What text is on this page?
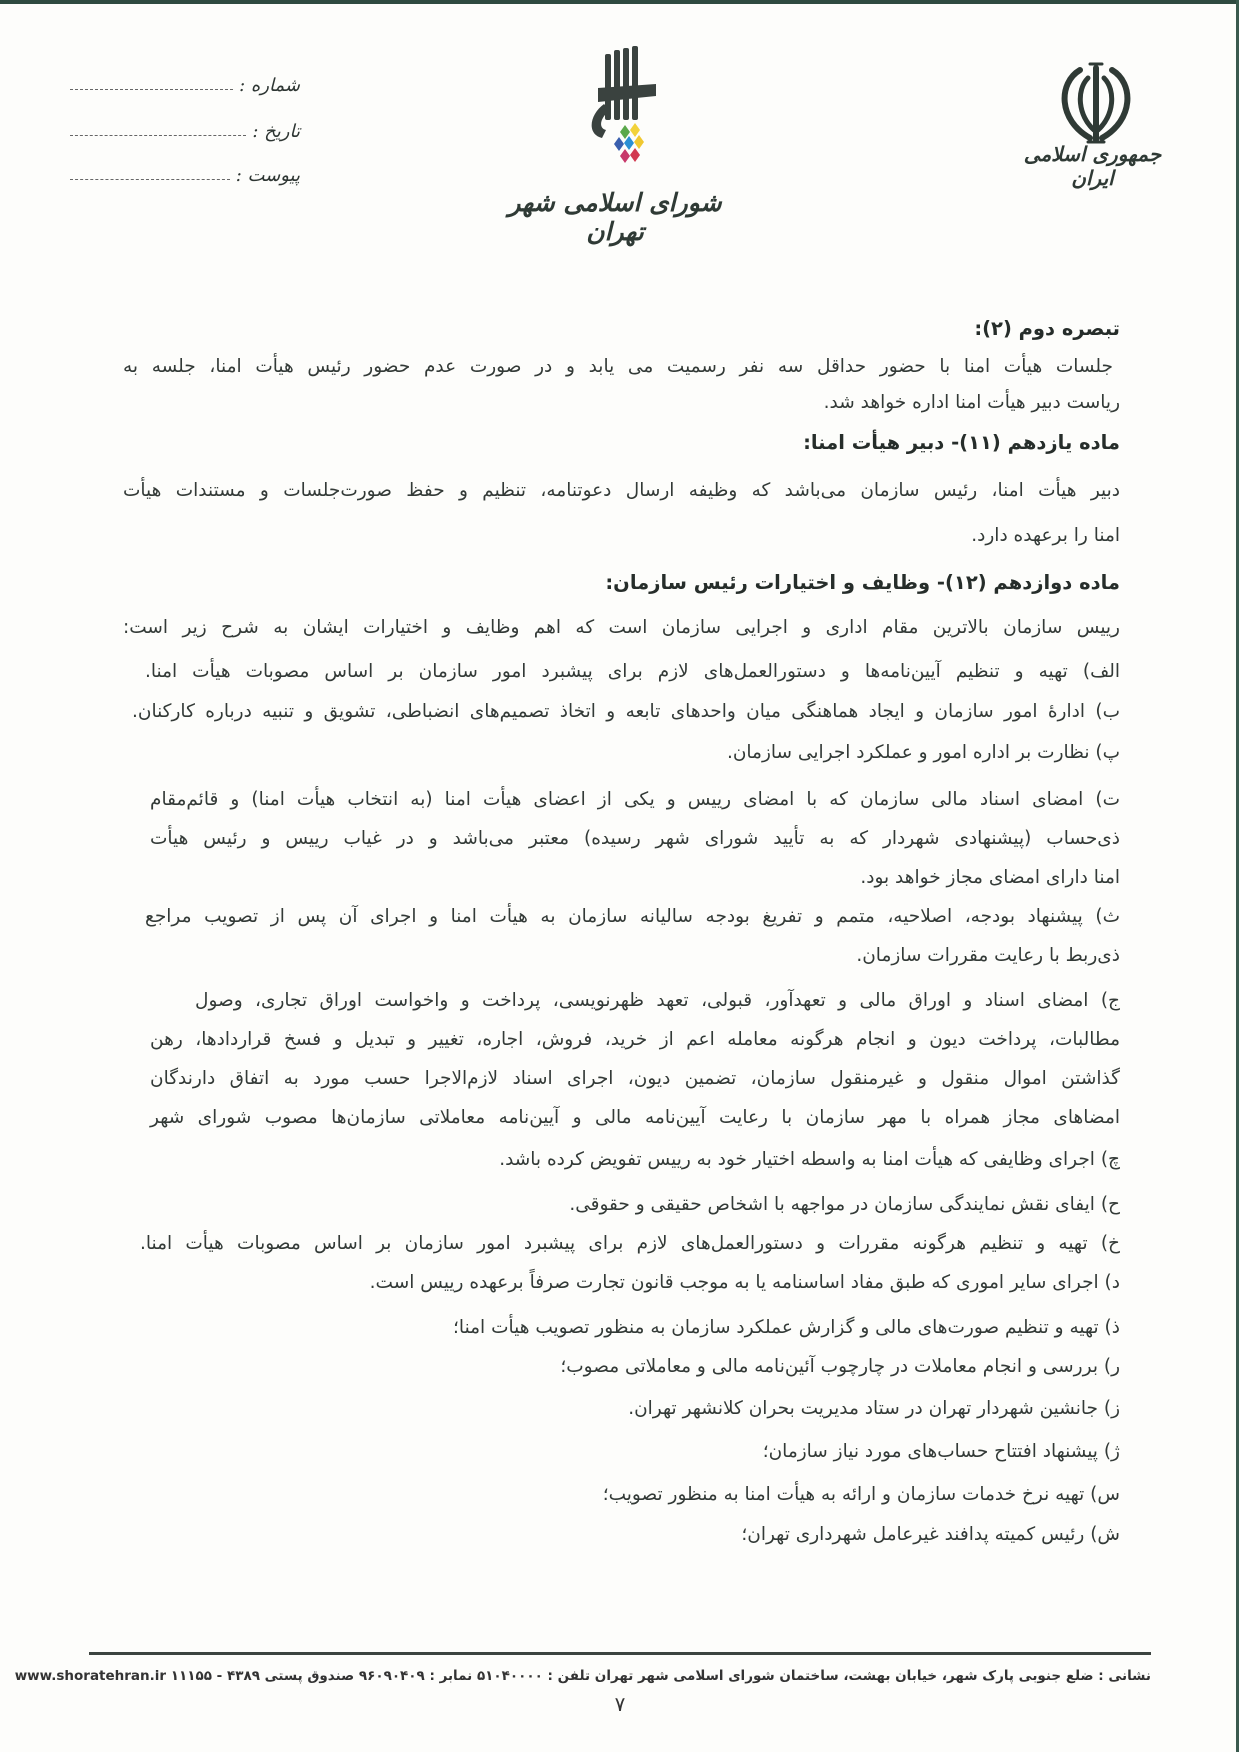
جمهوری اسلامی ایران
شورای اسلامی شهر تهران
شماره :
تاریخ :
پیوست :
تبصره دوم (۲):
جلسات هیأت امنا با حضور حداقل سه نفر رسمیت می یابد و در صورت عدم حضور رئیس هیأت امنا، جلسه به
ریاست دبیر هیأت امنا اداره خواهد شد.
ماده یازدهم (۱۱)- دبیر هیأت امنا:
دبیر هیأت امنا، رئیس سازمان می‌باشد که وظیفه ارسال دعوتنامه، تنظیم و حفظ صورت‌جلسات و مستندات هیأت
امنا را برعهده دارد.
ماده دوازدهم (۱۲)- وظایف و اختیارات رئیس سازمان:
رییس سازمان بالاترین مقام اداری و اجرایی سازمان است که اهم وظایف و اختیارات ایشان به شرح زیر است:
الف) تهیه و تنظیم آیین‌نامه‌ها و دستورالعمل‌های لازم برای پیشبرد امور سازمان بر اساس مصوبات هیأت امنا.
ب) ادارهٔ امور سازمان و ایجاد هماهنگی میان واحدهای تابعه و اتخاذ تصمیم‌های انضباطی، تشویق و تنبیه درباره کارکنان.
پ) نظارت بر اداره امور و عملکرد اجرایی سازمان.
ت) امضای اسناد مالی سازمان که با امضای رییس و یکی از اعضای هیأت امنا (به انتخاب هیأت امنا) و قائم‌مقام
ذی‌حساب (پیشنهادی شهردار که به تأیید شورای شهر رسیده) معتبر می‌باشد و در غیاب رییس و رئیس هیأت
امنا دارای امضای مجاز خواهد بود.
ث) پیشنهاد بودجه، اصلاحیه، متمم و تفریغ بودجه سالیانه سازمان به هیأت امنا و اجرای آن پس از تصویب مراجع
ذی‌ربط با رعایت مقررات سازمان.
ج) امضای اسناد و اوراق مالی و تعهدآور، قبولی، تعهد ظهرنویسی، پرداخت و واخواست اوراق تجاری، وصول
مطالبات، پرداخت دیون و انجام هرگونه معامله اعم از خرید، فروش، اجاره، تغییر و تبدیل و فسخ قراردادها، رهن
گذاشتن اموال منقول و غیرمنقول سازمان، تضمین دیون، اجرای اسناد لازم‌الاجرا حسب مورد به اتفاق دارندگان
امضاهای مجاز همراه با مهر سازمان با رعایت آیین‌نامه مالی و آیین‌نامه معاملاتی سازمان‌ها مصوب شورای شهر
چ) اجرای وظایفی که هیأت امنا به واسطه اختیار خود به رییس تفویض کرده باشد.
ح) ایفای نقش نمایندگی سازمان در مواجهه با اشخاص حقیقی و حقوقی.
خ) تهیه و تنظیم هرگونه مقررات و دستورالعمل‌های لازم برای پیشبرد امور سازمان بر اساس مصوبات هیأت امنا.
د) اجرای سایر اموری که طبق مفاد اساسنامه یا به موجب قانون تجارت صرفاً برعهده رییس است.
ذ) تهیه و تنظیم صورت‌های مالی و گزارش عملکرد سازمان به منظور تصویب هیأت امنا؛
ر) بررسی و انجام معاملات در چارچوب آئین‌نامه مالی و معاملاتی مصوب؛
ز) جانشین شهردار تهران در ستاد مدیریت بحران کلانشهر تهران.
ژ) پیشنهاد افتتاح حساب‌های مورد نیاز سازمان؛
س) تهیه نرخ خدمات سازمان و ارائه به هیأت امنا به منظور تصویب؛
ش) رئیس کمیته پدافند غیرعامل شهرداری تهران؛
نشانی : ضلع جنوبی پارک شهر، خیابان بهشت، ساختمان شورای اسلامی شهر تهران تلفن : ۵۱۰۴۰۰۰۰ نمابر : ۹۶۰۹۰۴۰۹ صندوق پستی ۴۳۸۹ - ۱۱۱۵۵ www.shoratehran.ir
۷
